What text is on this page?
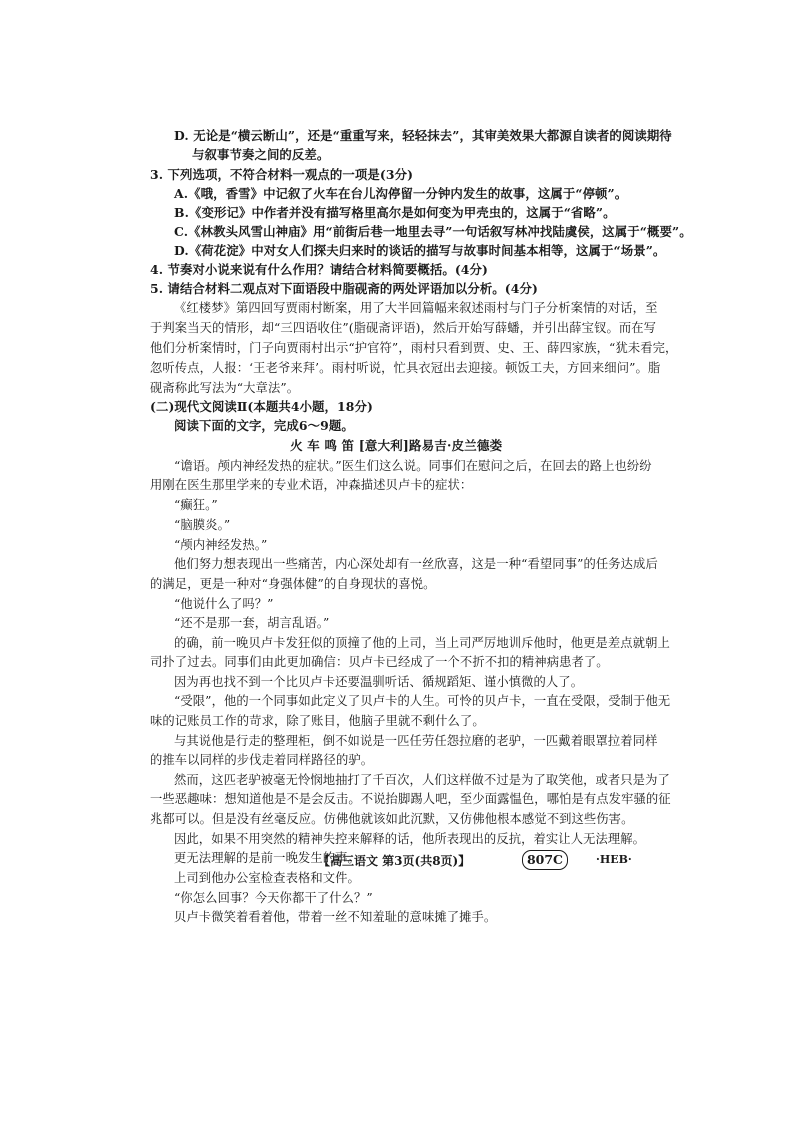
D. 无论是“横云断山”，还是“重重写来，轻轻抹去”，其审美效果大都源自读者的阅读期待
与叙事节奏之间的反差。
3. 下列选项，不符合材料一观点的一项是(3分)
A.《哦，香雪》中记叙了火车在台儿沟停留一分钟内发生的故事，这属于“停顿”。
B.《变形记》中作者并没有描写格里高尔是如何变为甲壳虫的，这属于“省略”。
C.《林教头风雪山神庙》用“前街后巷一地里去寻”一句话叙写林冲找陆虞侯，这属于“概要”。
D.《荷花淀》中对女人们探夫归来时的谈话的描写与故事时间基本相等，这属于“场景”。
4. 节奏对小说来说有什么作用？请结合材料简要概括。(4分)
5. 请结合材料二观点对下面语段中脂砚斋的两处评语加以分析。(4分)
《红楼梦》第四回写贾雨村断案，用了大半回篇幅来叙述雨村与门子分析案情的对话，至
于判案当天的情形，却“三四语收住”(脂砚斋评语)，然后开始写薛蟠，并引出薛宝钗。而在写
他们分析案情时，门子向贾雨村出示“护官符”，雨村只看到贾、史、王、薛四家族，“犹未看完，
忽听传点，人报：‘王老爷来拜’。雨村听说，忙具衣冠出去迎接。顿饭工夫，方回来细问”。脂
砚斋称此写法为“大章法”。
(二)现代文阅读Ⅱ(本题共4小题，18分)
阅读下面的文字，完成6～9题。
火 车 鸣 笛 [意大利]路易吉·皮兰德娄
“谵语。颅内神经发热的症状。”医生们这么说。同事们在慰问之后，在回去的路上也纷纷
用刚在医生那里学来的专业术语，冲森描述贝卢卡的症状：
“癫狂。”
“脑膜炎。”
“颅内神经发热。”
他们努力想表现出一些痛苦，内心深处却有一丝欣喜，这是一种“看望同事”的任务达成后
的满足，更是一种对“身强体健”的自身现状的喜悦。
“他说什么了吗？”
“还不是那一套，胡言乱语。”
的确，前一晚贝卢卡发狂似的顶撞了他的上司，当上司严厉地训斥他时，他更是差点就朝上
司扑了过去。同事们由此更加确信：贝卢卡已经成了一个不折不扣的精神病患者了。
因为再也找不到一个比贝卢卡还要温驯听话、循规蹈矩、谨小慎微的人了。
“受限”，他的一个同事如此定义了贝卢卡的人生。可怜的贝卢卡，一直在受限，受制于他无
味的记账员工作的苛求，除了账目，他脑子里就不剩什么了。
与其说他是行走的整理柜，倒不如说是一匹任劳任怨拉磨的老驴，一匹戴着眼罩拉着同样
的推车以同样的步伐走着同样路径的驴。
然而，这匹老驴被毫无怜悯地抽打了千百次，人们这样做不过是为了取笑他，或者只是为了
一些恶趣味：想知道他是不是会反击。不说抬脚踢人吧，至少面露愠色，哪怕是有点发牢骚的征
兆都可以。但是没有丝毫反应。仿佛他就该如此沉默，又仿佛他根本感觉不到这些伤害。
因此，如果不用突然的精神失控来解释的话，他所表现出的反抗，着实让人无法理解。
更无法理解的是前一晚发生的事。
上司到他办公室检查表格和文件。
“你怎么回事？今天你都干了什么？”
贝卢卡微笑着看着他，带着一丝不知羞耻的意味摊了摊手。
【高三语文 第3页(共8页)】	807C	·HEB·
